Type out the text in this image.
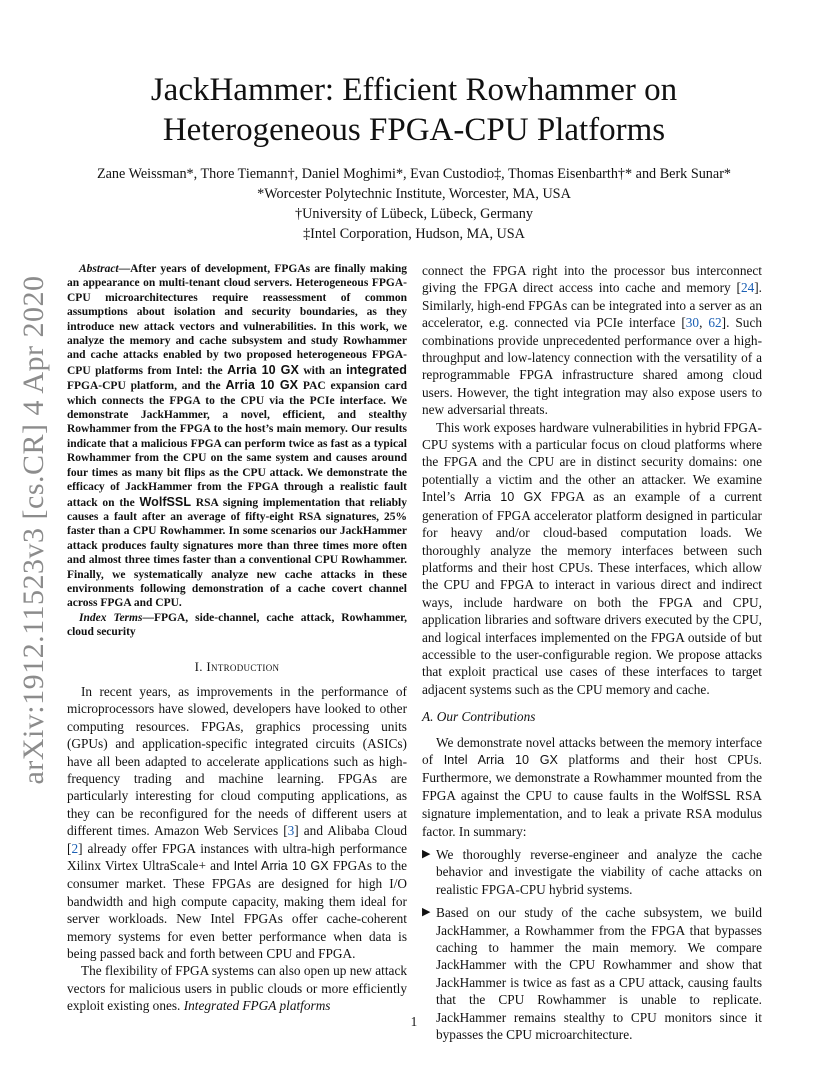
arXiv:1912.11523v3 [cs.CR] 4 Apr 2020
JackHammer: Efficient Rowhammer on
Heterogeneous FPGA-CPU Platforms
Zane Weissman*, Thore Tiemann†, Daniel Moghimi*, Evan Custodio‡, Thomas Eisenbarth†* and Berk Sunar*
*Worcester Polytechnic Institute, Worcester, MA, USA
†University of Lübeck, Lübeck, Germany
‡Intel Corporation, Hudson, MA, USA

Abstract—After years of development, FPGAs are finally making an appearance on multi-tenant cloud servers. Heterogeneous FPGA-CPU microarchitectures require reassessment of common assumptions about isolation and security boundaries, as they introduce new attack vectors and vulnerabilities. In this work, we analyze the memory and cache subsystem and study Rowhammer and cache attacks enabled by two proposed heterogeneous FPGA-CPU platforms from Intel: the Arria 10 GX with an integrated FPGA-CPU platform, and the Arria 10 GX PAC expansion card which connects the FPGA to the CPU via the PCIe interface. We demonstrate JackHammer, a novel, efficient, and stealthy Rowhammer from the FPGA to the host’s main memory. Our results indicate that a malicious FPGA can perform twice as fast as a typical Rowhammer from the CPU on the same system and causes around four times as many bit flips as the CPU attack. We demonstrate the efficacy of JackHammer from the FPGA through a realistic fault attack on the WolfSSL RSA signing implementation that reliably causes a fault after an average of fifty-eight RSA signatures, 25% faster than a CPU Rowhammer. In some scenarios our JackHammer attack produces faulty signatures more than three times more often and almost three times faster than a conventional CPU Rowhammer. Finally, we systematically analyze new cache attacks in these environments following demonstration of a cache covert channel across FPGA and CPU.

Index Terms—FPGA, side-channel, cache attack, Rowhammer, cloud security

I. Introduction

In recent years, as improvements in the performance of microprocessors have slowed, developers have looked to other computing resources. FPGAs, graphics processing units (GPUs) and application-specific integrated circuits (ASICs) have all been adapted to accelerate applications such as high-frequency trading and machine learning. FPGAs are particularly interesting for cloud computing applications, as they can be reconfigured for the needs of different users at different times. Amazon Web Services [3] and Alibaba Cloud [2] already offer FPGA instances with ultra-high performance Xilinx Virtex UltraScale+ and Intel Arria 10 GX FPGAs to the consumer market. These FPGAs are designed for high I/O bandwidth and high compute capacity, making them ideal for server workloads. New Intel FPGAs offer cache-coherent memory systems for even better performance when data is being passed back and forth between CPU and FPGA.

The flexibility of FPGA systems can also open up new attack vectors for malicious users in public clouds or more efficiently exploit existing ones. Integrated FPGA platforms

connect the FPGA right into the processor bus interconnect giving the FPGA direct access into cache and memory [24]. Similarly, high-end FPGAs can be integrated into a server as an accelerator, e.g. connected via PCIe interface [30, 62]. Such combinations provide unprecedented performance over a high-throughput and low-latency connection with the versatility of a reprogrammable FPGA infrastructure shared among cloud users. However, the tight integration may also expose users to new adversarial threats.

This work exposes hardware vulnerabilities in hybrid FPGA-CPU systems with a particular focus on cloud platforms where the FPGA and the CPU are in distinct security domains: one potentially a victim and the other an attacker. We examine Intel’s Arria 10 GX FPGA as an example of a current generation of FPGA accelerator platform designed in particular for heavy and/or cloud-based computation loads. We thoroughly analyze the memory interfaces between such platforms and their host CPUs. These interfaces, which allow the CPU and FPGA to interact in various direct and indirect ways, include hardware on both the FPGA and CPU, application libraries and software drivers executed by the CPU, and logical interfaces implemented on the FPGA outside of but accessible to the user-configurable region. We propose attacks that exploit practical use cases of these interfaces to target adjacent systems such as the CPU memory and cache.

A. Our Contributions

We demonstrate novel attacks between the memory interface of Intel Arria 10 GX platforms and their host CPUs. Furthermore, we demonstrate a Rowhammer mounted from the FPGA against the CPU to cause faults in the WolfSSL RSA signature implementation, and to leak a private RSA modulus factor. In summary:

▶ We thoroughly reverse-engineer and analyze the cache behavior and investigate the viability of cache attacks on realistic FPGA-CPU hybrid systems.
▶ Based on our study of the cache subsystem, we build JackHammer, a Rowhammer from the FPGA that bypasses caching to hammer the main memory. We compare JackHammer with the CPU Rowhammer and show that JackHammer is twice as fast as a CPU attack, causing faults that the CPU Rowhammer is unable to replicate. JackHammer remains stealthy to CPU monitors since it bypasses the CPU microarchitecture.
1
